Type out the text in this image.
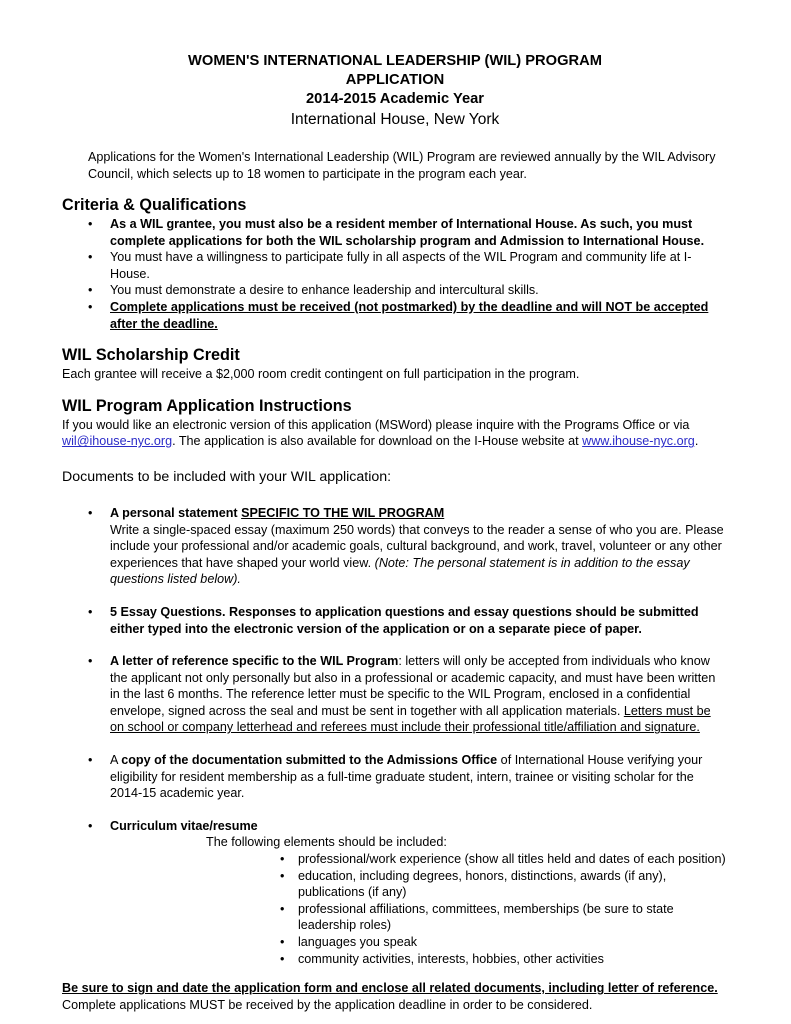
WOMEN'S INTERNATIONAL LEADERSHIP (WIL) PROGRAM
APPLICATION
2014-2015 Academic Year
International House, New York
Applications for the Women's International Leadership (WIL) Program are reviewed annually by the WIL Advisory Council, which selects up to 18 women to participate in the program each year.
Criteria & Qualifications
• As a WIL grantee, you must also be a resident member of International House. As such, you must complete applications for both the WIL scholarship program and Admission to International House.
• You must have a willingness to participate fully in all aspects of the WIL Program and community life at I-House.
• You must demonstrate a desire to enhance leadership and intercultural skills.
• Complete applications must be received (not postmarked) by the deadline and will NOT be accepted after the deadline.
WIL Scholarship Credit
Each grantee will receive a $2,000 room credit contingent on full participation in the program.
WIL Program Application Instructions
If you would like an electronic version of this application (MSWord) please inquire with the Programs Office or via wil@ihouse-nyc.org. The application is also available for download on the I-House website at www.ihouse-nyc.org.
Documents to be included with your WIL application:
• A personal statement SPECIFIC TO THE WIL PROGRAM
Write a single-spaced essay (maximum 250 words) that conveys to the reader a sense of who you are. Please include your professional and/or academic goals, cultural background, and work, travel, volunteer or any other experiences that have shaped your world view. (Note: The personal statement is in addition to the essay questions listed below).
• 5 Essay Questions. Responses to application questions and essay questions should be submitted either typed into the electronic version of the application or on a separate piece of paper.
• A letter of reference specific to the WIL Program: letters will only be accepted from individuals who know the applicant not only personally but also in a professional or academic capacity, and must have been written in the last 6 months. The reference letter must be specific to the WIL Program, enclosed in a confidential envelope, signed across the seal and must be sent in together with all application materials. Letters must be on school or company letterhead and referees must include their professional title/affiliation and signature.
• A copy of the documentation submitted to the Admissions Office of International House verifying your eligibility for resident membership as a full-time graduate student, intern, trainee or visiting scholar for the 2014-15 academic year.
• Curriculum vitae/resume
The following elements should be included:
• professional/work experience (show all titles held and dates of each position)
• education, including degrees, honors, distinctions, awards (if any), publications (if any)
• professional affiliations, committees, memberships (be sure to state leadership roles)
• languages you speak
• community activities, interests, hobbies, other activities
Be sure to sign and date the application form and enclose all related documents, including letter of reference. Complete applications MUST be received by the application deadline in order to be considered.
